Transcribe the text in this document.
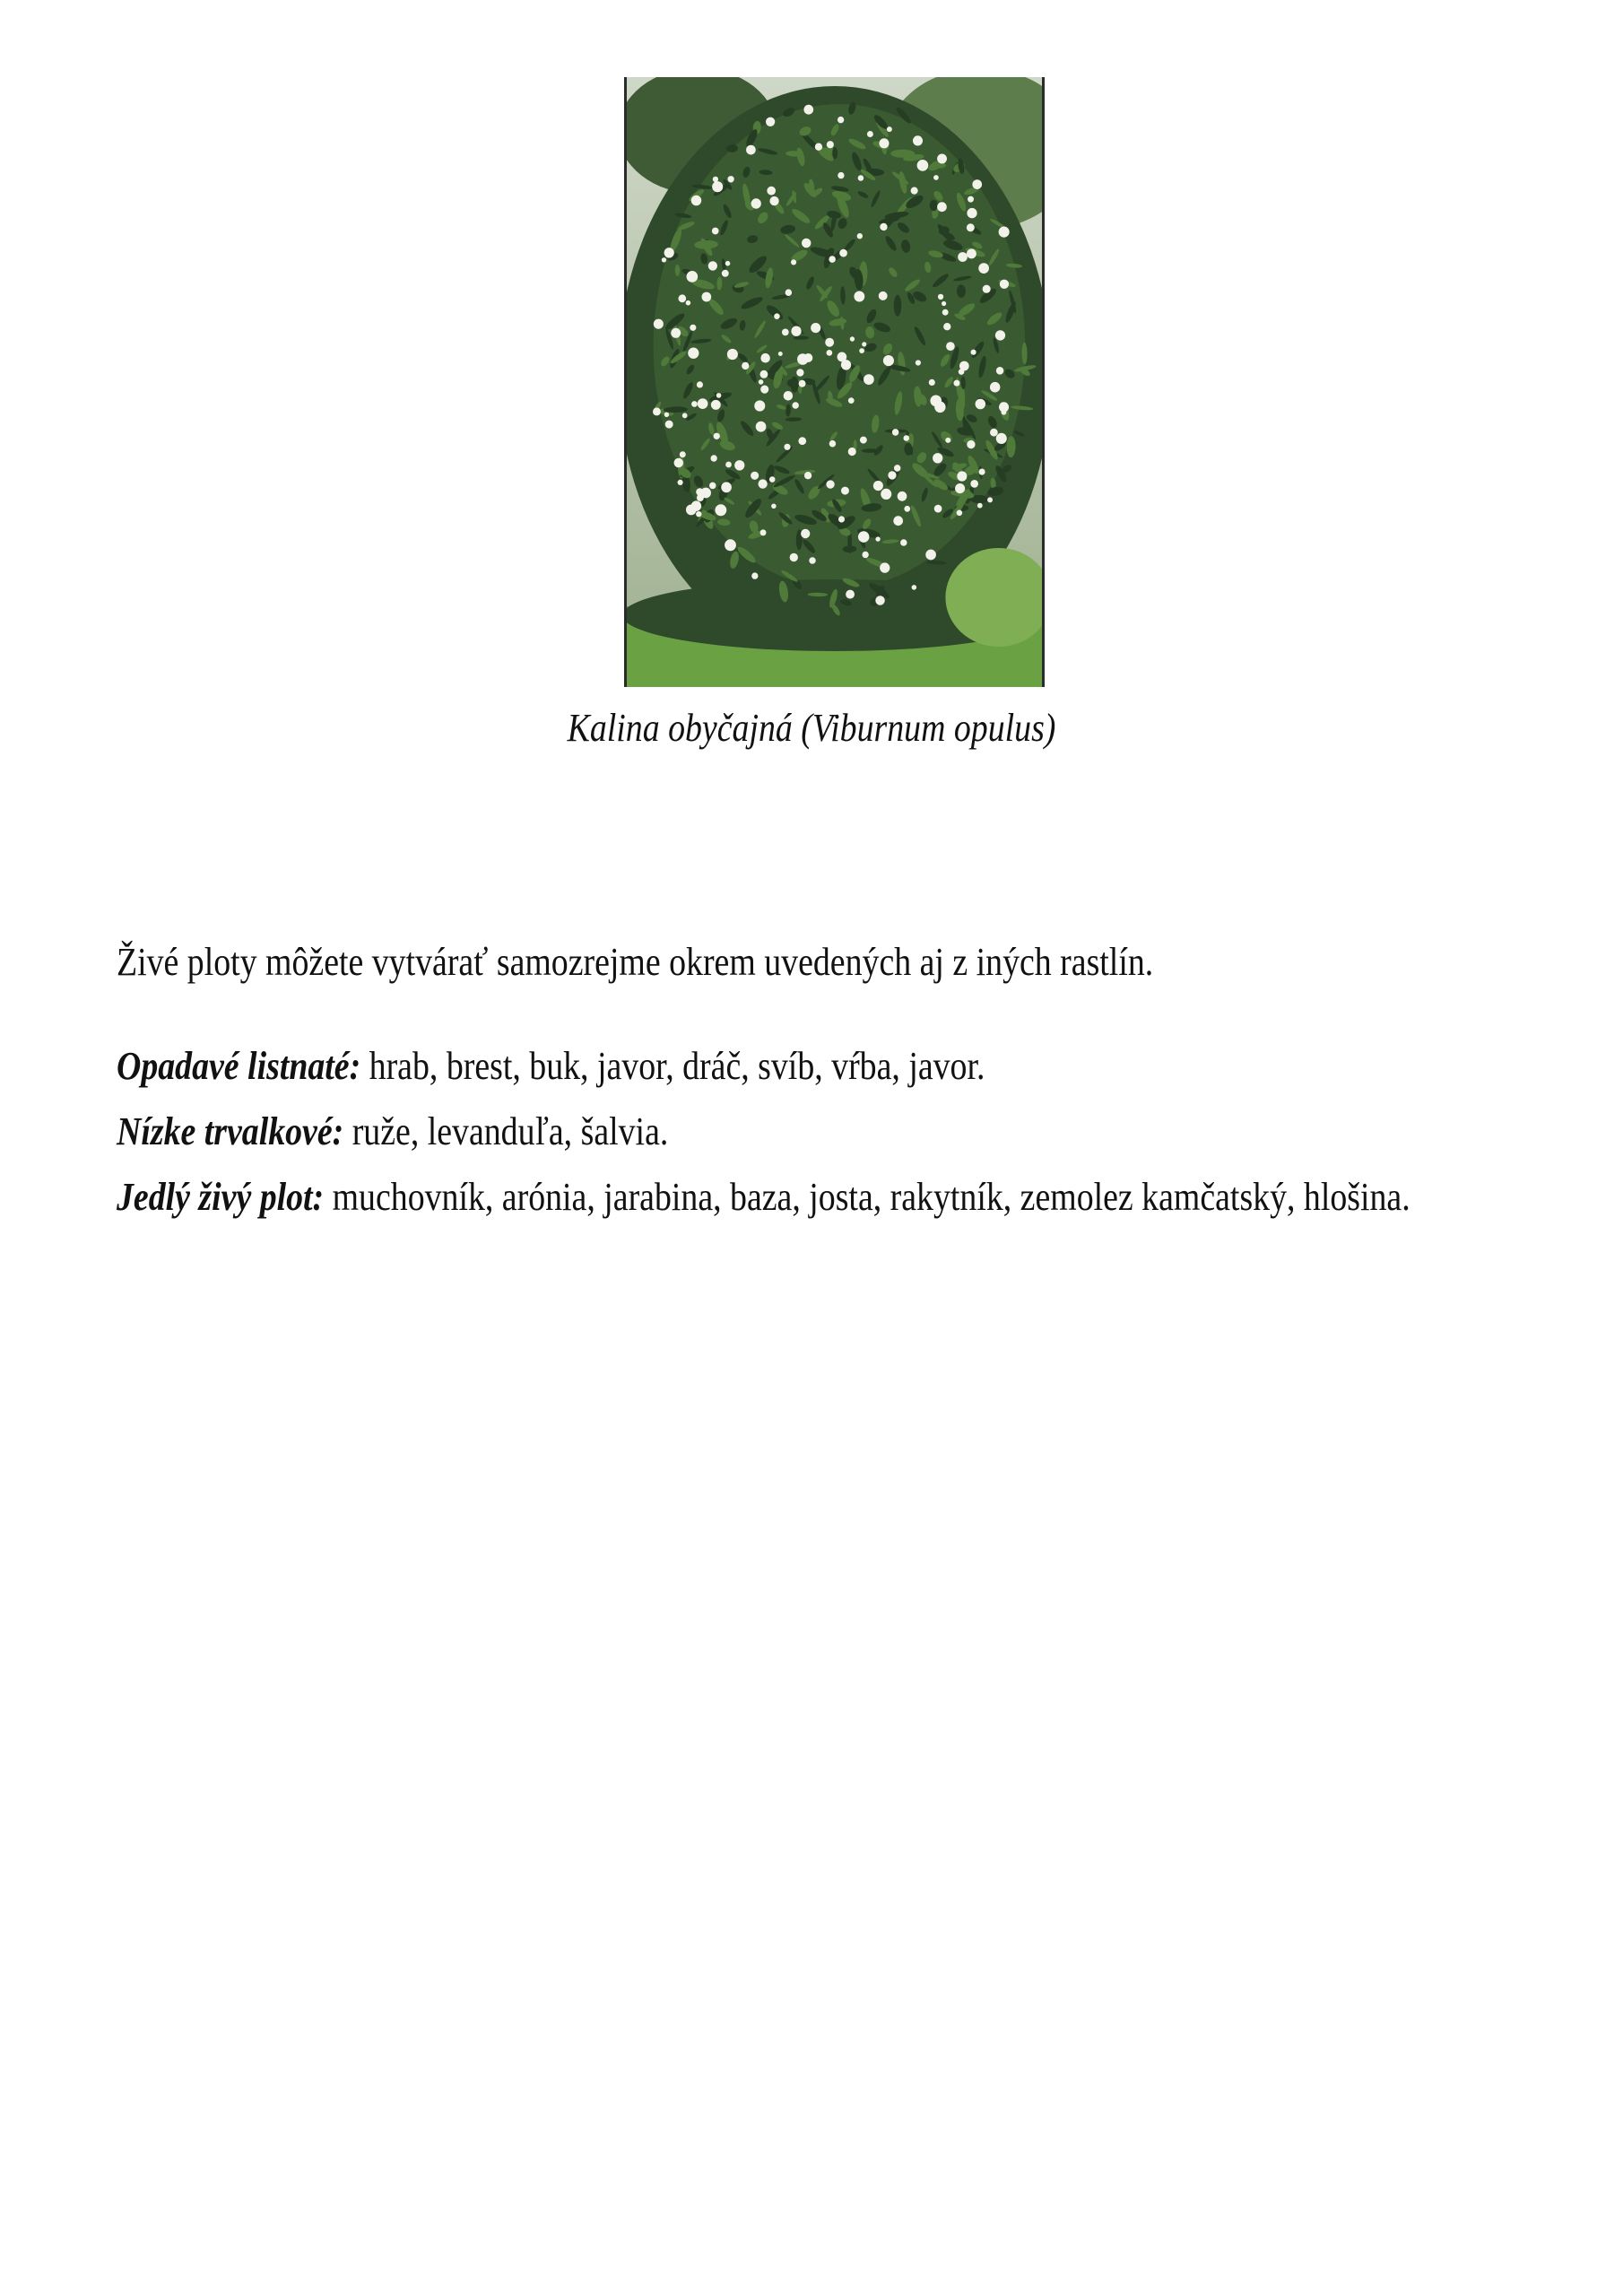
Kalina obyčajná (Viburnum opulus)
Živé ploty môžete vytvárať samozrejme okrem uvedených aj z iných rastlín.
Opadavé listnaté: hrab, brest, buk, javor, dráč, svíb, vŕba, javor.
Nízke trvalkové: ruže, levanduľa, šalvia.
Jedlý živý plot: muchovník, arónia, jarabina, baza, josta, rakytník, zemolez kamčatský, hlošina.
